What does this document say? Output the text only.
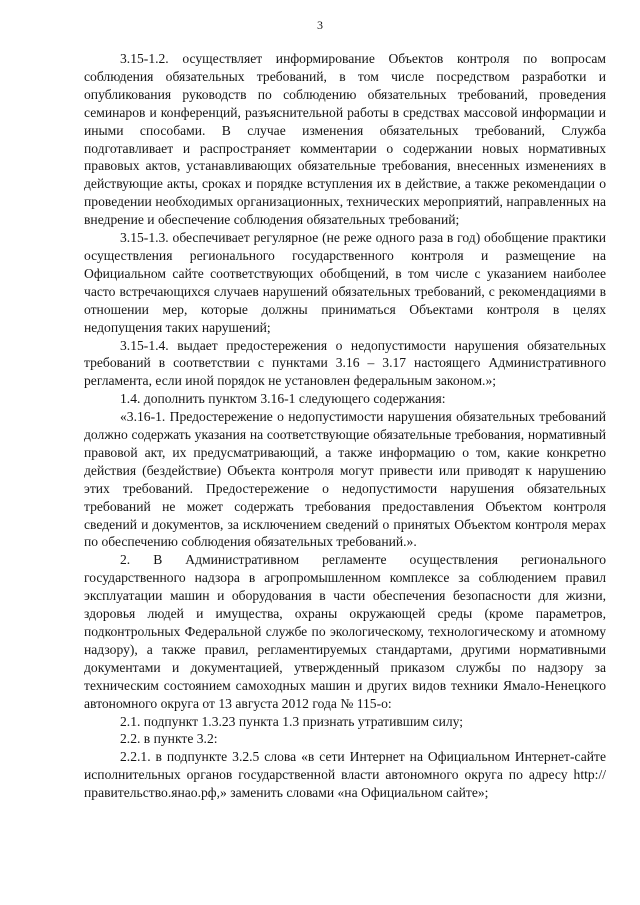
3

3.15-1.2. осуществляет информирование Объектов контроля по вопросам соблюдения обязательных требований, в том числе посредством разработки и опубликования руководств по соблюдению обязательных требований, проведения семинаров и конференций, разъяснительной работы в средствах массовой информации и иными способами. В случае изменения обязательных требований, Служба подготавливает и распространяет комментарии о содержании новых нормативных правовых актов, устанавливающих обязательные требования, внесенных изменениях в действующие акты, сроках и порядке вступления их в действие, а также рекомендации о проведении необходимых организационных, технических мероприятий, направленных на внедрение и обеспечение соблюдения обязательных требований;

3.15-1.3. обеспечивает регулярное (не реже одного раза в год) обобщение практики осуществления регионального государственного контроля и размещение на Официальном сайте соответствующих обобщений, в том числе с указанием наиболее часто встречающихся случаев нарушений обязательных требований, с рекомендациями в отношении мер, которые должны приниматься Объектами контроля в целях недопущения таких нарушений;

3.15-1.4. выдает предостережения о недопустимости нарушения обязательных требований в соответствии с пунктами 3.16 – 3.17 настоящего Административного регламента, если иной порядок не установлен федеральным законом.»;

1.4. дополнить пунктом 3.16-1 следующего содержания:

«3.16-1. Предостережение о недопустимости нарушения обязательных требований должно содержать указания на соответствующие обязательные требования, нормативный правовой акт, их предусматривающий, а также информацию о том, какие конкретно действия (бездействие) Объекта контроля могут привести или приводят к нарушению этих требований. Предостережение о недопустимости нарушения обязательных требований не может содержать требования предоставления Объектом контроля сведений и документов, за исключением сведений о принятых Объектом контроля мерах по обеспечению соблюдения обязательных требований.».

2. В Административном регламенте осуществления регионального государственного надзора в агропромышленном комплексе за соблюдением правил эксплуатации машин и оборудования в части обеспечения безопасности для жизни, здоровья людей и имущества, охраны окружающей среды (кроме параметров, подконтрольных Федеральной службе по экологическому, технологическому и атомному надзору), а также правил, регламентируемых стандартами, другими нормативными документами и документацией, утвержденный приказом службы по надзору за техническим состоянием самоходных машин и других видов техники Ямало-Ненецкого автономного округа от 13 августа 2012 года № 115-о:

2.1. подпункт 1.3.23 пункта 1.3 признать утратившим силу;

2.2. в пункте 3.2:

2.2.1. в подпункте 3.2.5 слова «в сети Интернет на Официальном Интернет-сайте исполнительных органов государственной власти автономного округа по адресу http://правительство.янао.рф,» заменить словами «на Официальном сайте»;
